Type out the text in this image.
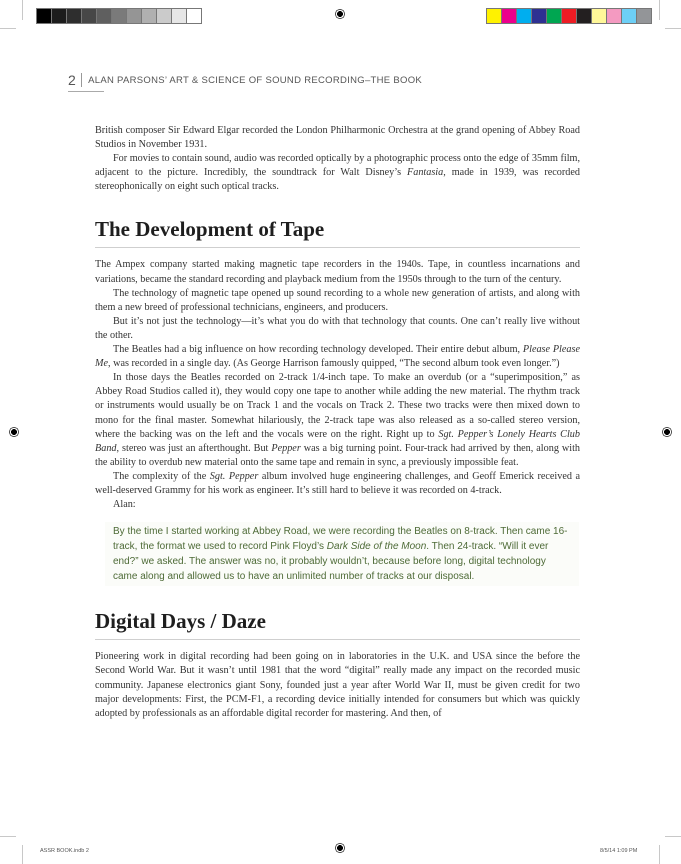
2 ALAN PARSONS’ ART & SCIENCE OF SOUND RECORDING–THE BOOK

British composer Sir Edward Elgar recorded the London Philharmonic Orchestra at the grand opening of Abbey Road Studios in November 1931.

For movies to contain sound, audio was recorded optically by a photographic process onto the edge of 35mm film, adjacent to the picture. Incredibly, the soundtrack for Walt Disney’s Fantasia, made in 1939, was recorded stereophonically on eight such optical tracks.

The Development of Tape

The Ampex company started making magnetic tape recorders in the 1940s. Tape, in countless incarnations and variations, became the standard recording and playback medium from the 1950s through to the turn of the century.

The technology of magnetic tape opened up sound recording to a whole new generation of artists, and along with them a new breed of professional technicians, engineers, and producers.

But it’s not just the technology—it’s what you do with that technology that counts. One can’t really live without the other.

The Beatles had a big influence on how recording technology developed. Their entire debut album, Please Please Me, was recorded in a single day. (As George Harrison famously quipped, “The second album took even longer.”)

In those days the Beatles recorded on 2-track 1/4-inch tape. To make an overdub (or a “superimposition,” as Abbey Road Studios called it), they would copy one tape to another while adding the new material. The rhythm track or instruments would usually be on Track 1 and the vocals on Track 2. These two tracks were then mixed down to mono for the final master. Somewhat hilariously, the 2-track tape was also released as a so-called stereo version, where the backing was on the left and the vocals were on the right. Right up to Sgt. Pepper’s Lonely Hearts Club Band, stereo was just an afterthought. But Pepper was a big turning point. Four-track had arrived by then, along with the ability to overdub new material onto the same tape and remain in sync, a previously impossible feat.

The complexity of the Sgt. Pepper album involved huge engineering challenges, and Geoff Emerick received a well-deserved Grammy for his work as engineer. It’s still hard to believe it was recorded on 4-track.

Alan:

By the time I started working at Abbey Road, we were recording the Beatles on 8-track. Then came 16-track, the format we used to record Pink Floyd’s Dark Side of the Moon. Then 24-track. “Will it ever end?” we asked. The answer was no, it probably wouldn’t, because before long, digital technology came along and allowed us to have an unlimited number of tracks at our disposal.
Digital Days / Daze

Pioneering work in digital recording had been going on in laboratories in the U.K. and USA since the before the Second World War. But it wasn’t until 1981 that the word “digital” really made any impact on the recorded music community. Japanese electronics giant Sony, founded just a year after World War II, must be given credit for two major developments: First, the PCM-F1, a recording device initially intended for consumers but which was quickly adopted by professionals as an affordable digital recorder for mastering. And then, of

ASSR BOOK.indb 2	8/5/14 1:09 PM
